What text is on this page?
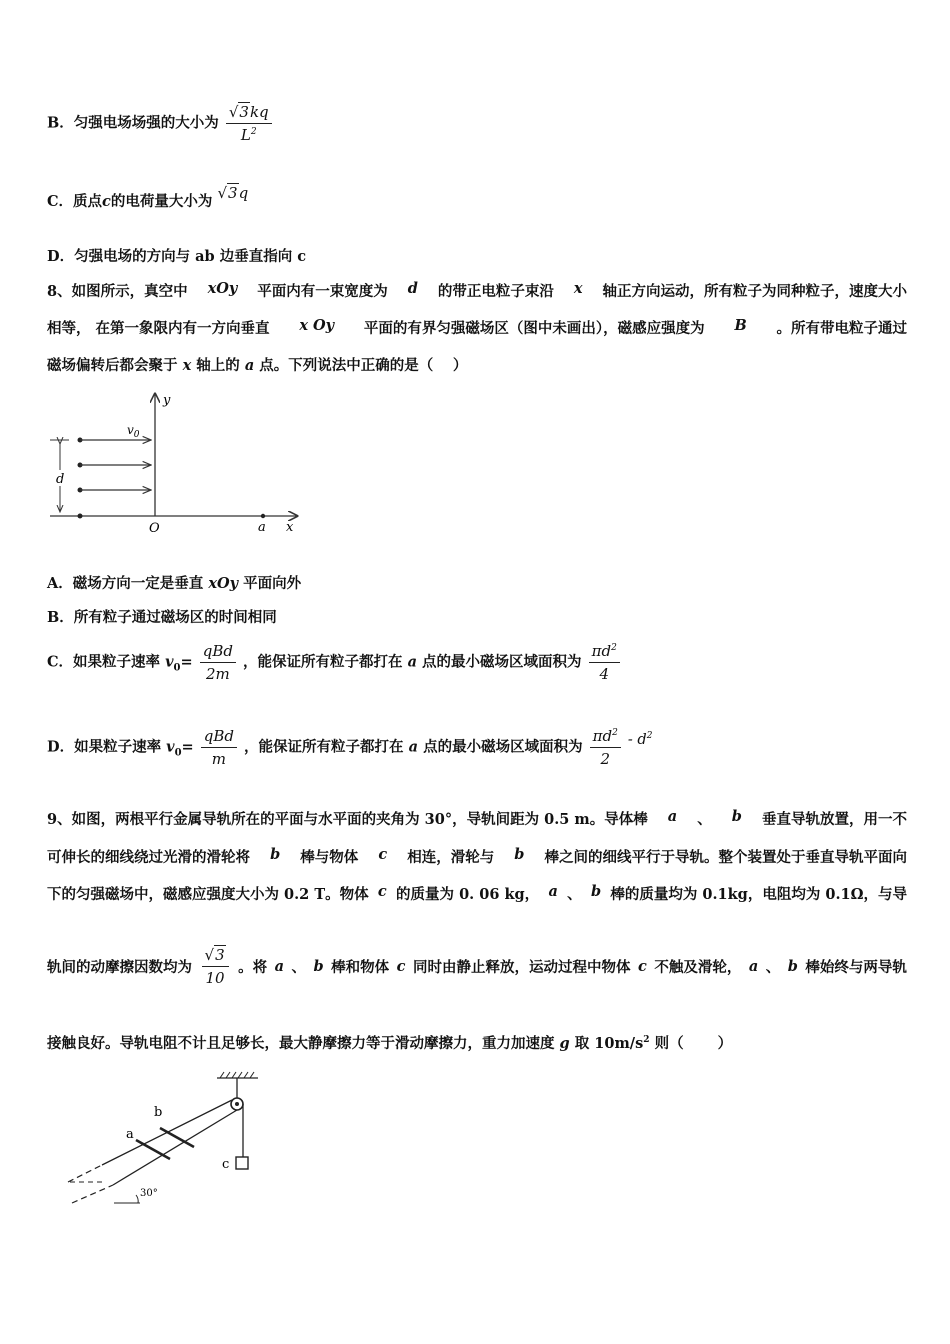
B．匀强电场场强的大小为 $\frac{√3kq}{L^2}$
C．质点c的电荷量大小为 √3q
D．匀强电场的方向与 ab 边垂直指向 c
8、如图所示，真空中 xOy 平面内有一束宽度为 d 的带正电粒子束沿 x 轴正方向运动，所有粒子为同种粒子，速度大小
相等， 在第一象限内有一方向垂直 x Oy 平面的有界匀强磁场区（图中未画出），磁感应强度为 B 。所有带电粒子通过
磁场偏转后都会聚于 x 轴上的 a 点。下列说法中正确的是（　 ）
y
x
O	a
$v_0$
d
A．磁场方向一定是垂直 xOy 平面向外
B．所有粒子通过磁场区的时间相同
C．如果粒子速率 $v_0= \frac{\text{qBd}}{2m}$ ，能保证所有粒子都打在 a 点的最小磁场区域面积为 $\frac{\pi d^2}{4}$
D．如果粒子速率 $v_0= \frac{\text{qBd}}{m}$ ，能保证所有粒子都打在 a 点的最小磁场区域面积为 $\frac{\pi d^2}{2} - d^2$
9、如图，两根平行金属导轨所在的平面与水平面的夹角为 30°，导轨间距为 0.5 m。导体棒 a 、 b 垂直导轨放置，用一不
可伸长的细线绕过光滑的滑轮将 b 棒与物体 c 相连，滑轮与 b 棒之间的细线平行于导轨。整个装置处于垂直导轨平面向
下的匀强磁场中，磁感应强度大小为 0.2 T。物体 c 的质量为 0. 06 kg， a 、 b 棒的质量均为 0.1kg，电阻均为 0.1Ω，与导
轨间的动摩擦因数均为 $\frac{√3}{10}$ 。将 a 、 b 棒和物体 c 同时由静止释放，运动过程中物体 c 不触及滑轮， a 、 b 棒始终与两导轨
接触良好。导轨电阻不计且足够长，最大静摩擦力等于滑动摩擦力，重力加速度 g 取 $10m/s^2$ 则（　　 ）
c
30°
a
b
